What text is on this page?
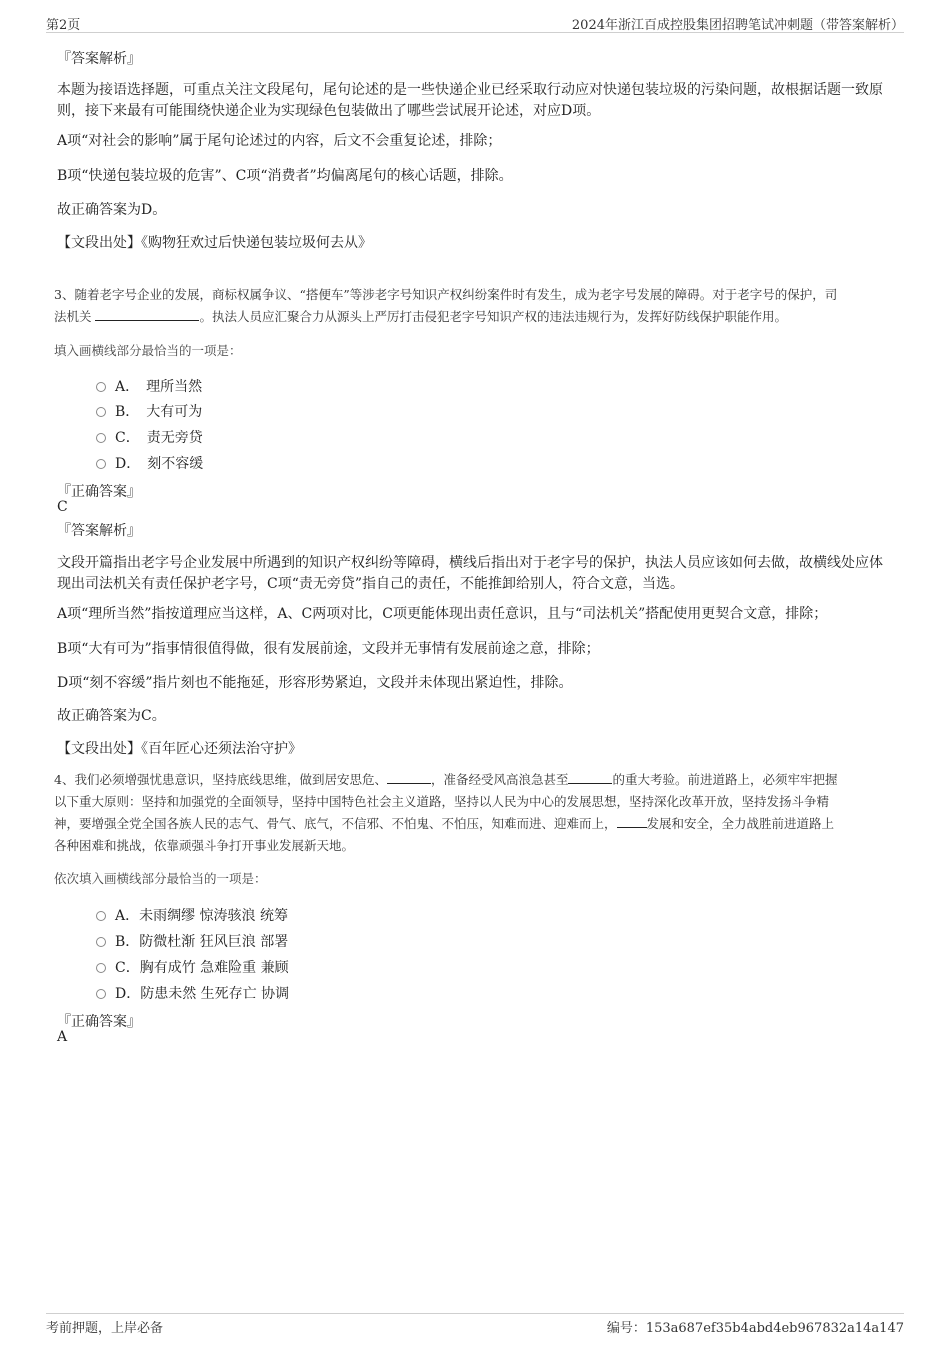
第2页	2024年浙江百成控股集团招聘笔试冲刺题（带答案解析）
『答案解析』
本题为接语选择题，可重点关注文段尾句，尾句论述的是一些快递企业已经采取行动应对快递包装垃圾的污染问题，故根据话题一致原则，接下来最有可能围绕快递企业为实现绿色包装做出了哪些尝试展开论述，对应D项。
A项“对社会的影响”属于尾句论述过的内容，后文不会重复论述，排除；
B项“快递包装垃圾的危害”、C项“消费者”均偏离尾句的核心话题，排除。
故正确答案为D。
【文段出处】《购物狂欢过后快递包装垃圾何去从》
3、随着老字号企业的发展，商标权属争议、“搭便车”等涉老字号知识产权纠纷案件时有发生，成为老字号发展的障碍。对于老字号的保护，司
法机关	。执法人员应汇聚合力从源头上严厉打击侵犯老字号知识产权的违法违规行为，发挥好防线保护职能作用。
填入画横线部分最恰当的一项是：
A．　理所当然
B．　大有可为
C．　责无旁贷
D．　刻不容缓
『正确答案』
C
『答案解析』
文段开篇指出老字号企业发展中所遇到的知识产权纠纷等障碍，横线后指出对于老字号的保护，执法人员应该如何去做，故横线处应体现出司法机关有责任保护老字号，C项“责无旁贷”指自己的责任，不能推卸给别人，符合文意，当选。
A项“理所当然”指按道理应当这样，A、C两项对比，C项更能体现出责任意识，且与“司法机关”搭配使用更契合文意，排除；
B项“大有可为”指事情很值得做，很有发展前途，文段并无事情有发展前途之意，排除；
D项“刻不容缓”指片刻也不能拖延，形容形势紧迫，文段并未体现出紧迫性，排除。
故正确答案为C。
【文段出处】《百年匠心还须法治守护》
4、我们必须增强忧患意识，坚持底线思维，做到居安思危、	，准备经受风高浪急甚至	的重大考验。前进道路上，必须牢牢把握
以下重大原则：坚持和加强党的全面领导，坚持中国特色社会主义道路，坚持以人民为中心的发展思想，坚持深化改革开放，坚持发扬斗争精
神，要增强全党全国各族人民的志气、骨气、底气，不信邪、不怕鬼、不怕压，知难而进、迎难而上， 发展和安全，全力战胜前进道路上
各种困难和挑战，依靠顽强斗争打开事业发展新天地。
依次填入画横线部分最恰当的一项是：
A．未雨绸缪 惊涛骇浪 统筹
B．防微杜渐 狂风巨浪 部署
C．胸有成竹 急难险重 兼顾
D．防患未然 生死存亡 协调
『正确答案』
A
考前押题，上岸必备	编号：153a687ef35b4abd4eb967832a14a147
